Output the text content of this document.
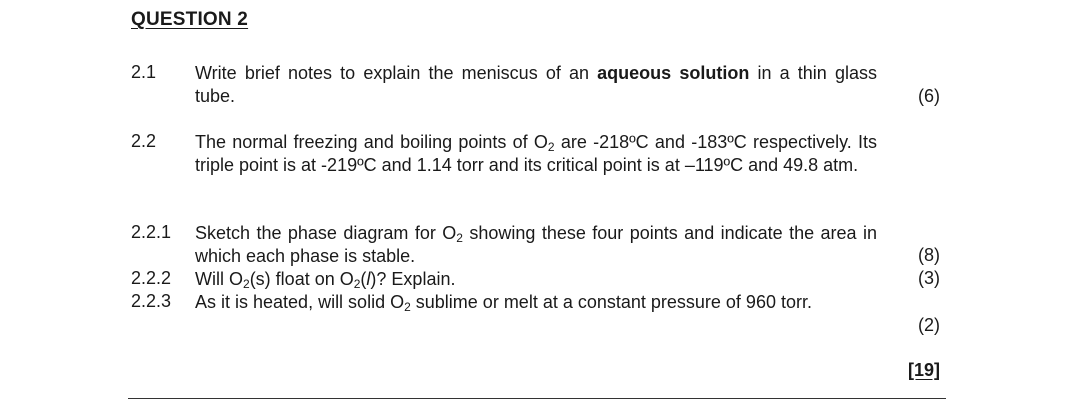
QUESTION 2
2.1 Write brief notes to explain the meniscus of an aqueous solution in a thin glass tube.	(6)
2.2 The normal freezing and boiling points of $O_2$ are -218ºC and -183ºC respectively. Its triple point is at -219ºC and 1.14 torr and its critical point is at –119ºC and 49.8 atm.
2.2.1 Sketch the phase diagram for $O_2$ showing these four points and indicate the area in which each phase is stable.	(8)
2.2.2 Will $O_2(s)$ float on $O_2(l)$? Explain.	(3)
2.2.3 As it is heated, will solid $O_2$ sublime or melt at a constant pressure of 960 torr.
(2)
[19]
